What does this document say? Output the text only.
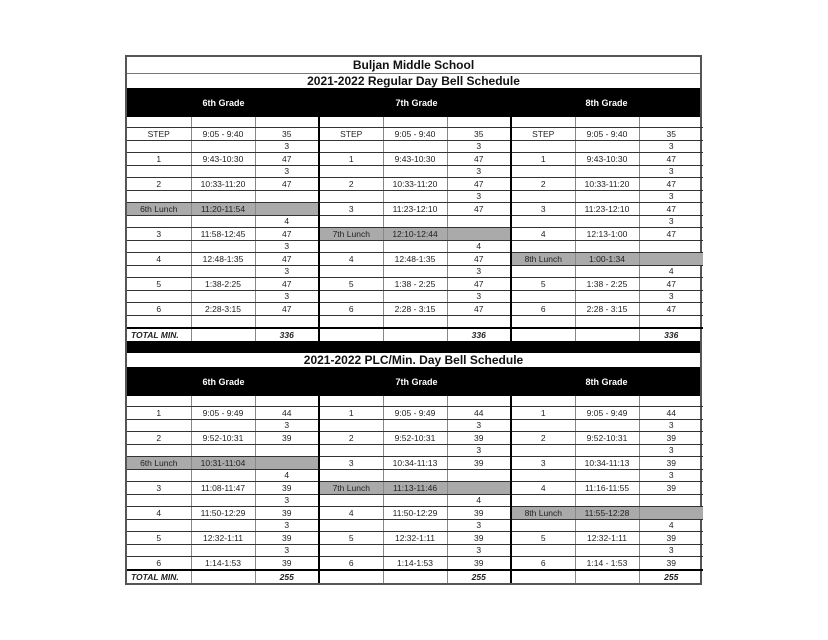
Buljan Middle School
2021-2022 Regular Day Bell Schedule
6th Grade	7th Grade	8th Grade

STEP	9:05 - 9:40	35	STEP	9:05 - 9:40	35	STEP	9:05 - 9:40	35
		3			3			3
1	9:43-10:30	47	1	9:43-10:30	47	1	9:43-10:30	47
		3			3			3
2	10:33-11:20	47	2	10:33-11:20	47	2	10:33-11:20	47
					3			3
6th Lunch	11:20-11:54		3	11:23-12:10	47	3	11:23-12:10	47
		4						3
3	11:58-12:45	47	7th Lunch	12:10-12:44		4	12:13-1:00	47
		3			4			
4	12:48-1:35	47	4	12:48-1:35	47	8th Lunch	1:00-1:34	
		3			3			4
5	1:38-2:25	47	5	1:38 - 2:25	47	5	1:38 - 2:25	47
		3			3			3
6	2:28-3:15	47	6	2:28 - 3:15	47	6	2:28 - 3:15	47

TOTAL MIN.		336			336			336
2021-2022 PLC/Min. Day Bell Schedule
6th Grade	7th Grade	8th Grade

1	9:05 - 9:49	44	1	9:05 - 9:49	44	1	9:05 - 9:49	44
		3			3			3
2	9:52-10:31	39	2	9:52-10:31	39	2	9:52-10:31	39
					3			3
6th Lunch	10:31-11:04		3	10:34-11:13	39	3	10:34-11:13	39
		4						3
3	11:08-11:47	39	7th Lunch	11:13-11:46		4	11:16-11:55	39
		3			4			
4	11:50-12:29	39	4	11:50-12:29	39	8th Lunch	11:55-12:28	
		3			3			4
5	12:32-1:11	39	5	12:32-1:11	39	5	12:32-1:11	39
		3			3			3
6	1:14-1:53	39	6	1:14-1:53	39	6	1:14 - 1:53	39
TOTAL MIN.		255			255			255
